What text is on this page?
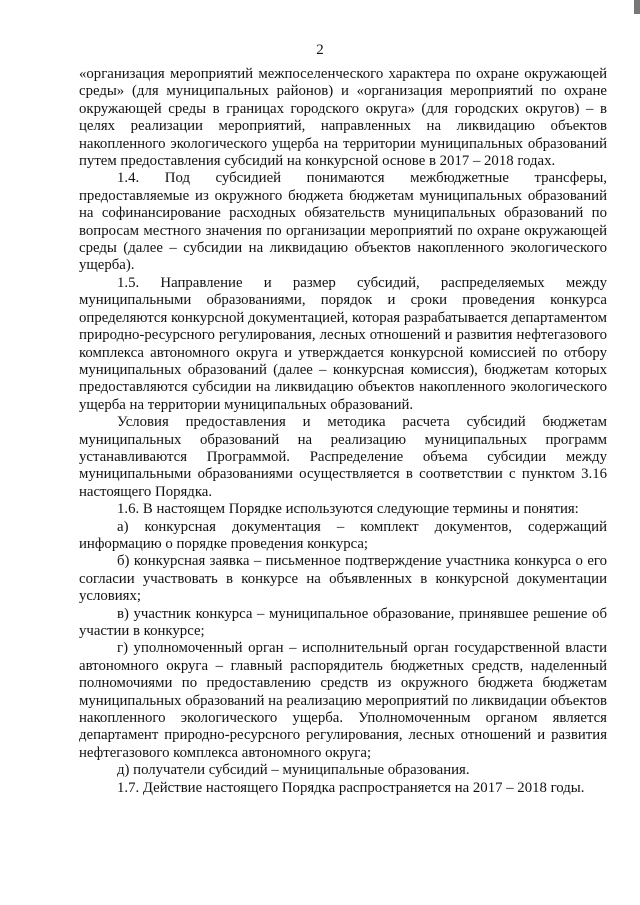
2

«организация мероприятий межпоселенческого характера по охране окружающей среды» (для муниципальных районов) и «организация мероприятий по охране окружающей среды в границах городского округа» (для городских округов) – в целях реализации мероприятий, направленных на ликвидацию объектов накопленного экологического ущерба на территории муниципальных образований путем предоставления субсидий на конкурсной основе в 2017 – 2018 годах.

1.4. Под субсидией понимаются межбюджетные трансферы, предоставляемые из окружного бюджета бюджетам муниципальных образований на софинансирование расходных обязательств муниципальных образований по вопросам местного значения по организации мероприятий по охране окружающей среды (далее – субсидии на ликвидацию объектов накопленного экологического ущерба).

1.5. Направление и размер субсидий, распределяемых между муниципальными образованиями, порядок и сроки проведения конкурса определяются конкурсной документацией, которая разрабатывается департаментом природно-ресурсного регулирования, лесных отношений и развития нефтегазового комплекса автономного округа и утверждается конкурсной комиссией по отбору муниципальных образований (далее – конкурсная комиссия), бюджетам которых предоставляются субсидии на ликвидацию объектов накопленного экологического ущерба на территории муниципальных образований.

Условия предоставления и методика расчета субсидий бюджетам муниципальных образований на реализацию муниципальных программ устанавливаются Программой. Распределение объема субсидии между муниципальными образованиями осуществляется в соответствии с пунктом 3.16 настоящего Порядка.

1.6. В настоящем Порядке используются следующие термины и понятия:

а) конкурсная документация – комплект документов, содержащий информацию о порядке проведения конкурса;

б) конкурсная заявка – письменное подтверждение участника конкурса о его согласии участвовать в конкурсе на объявленных в конкурсной документации условиях;

в) участник конкурса – муниципальное образование, принявшее решение об участии в конкурсе;

г) уполномоченный орган – исполнительный орган государственной власти автономного округа – главный распорядитель бюджетных средств, наделенный полномочиями по предоставлению средств из окружного бюджета бюджетам муниципальных образований на реализацию мероприятий по ликвидации объектов накопленного экологического ущерба. Уполномоченным органом является департамент природно-ресурсного регулирования, лесных отношений и развития нефтегазового комплекса автономного округа;

д) получатели субсидий – муниципальные образования.

1.7. Действие настоящего Порядка распространяется на 2017 – 2018 годы.
